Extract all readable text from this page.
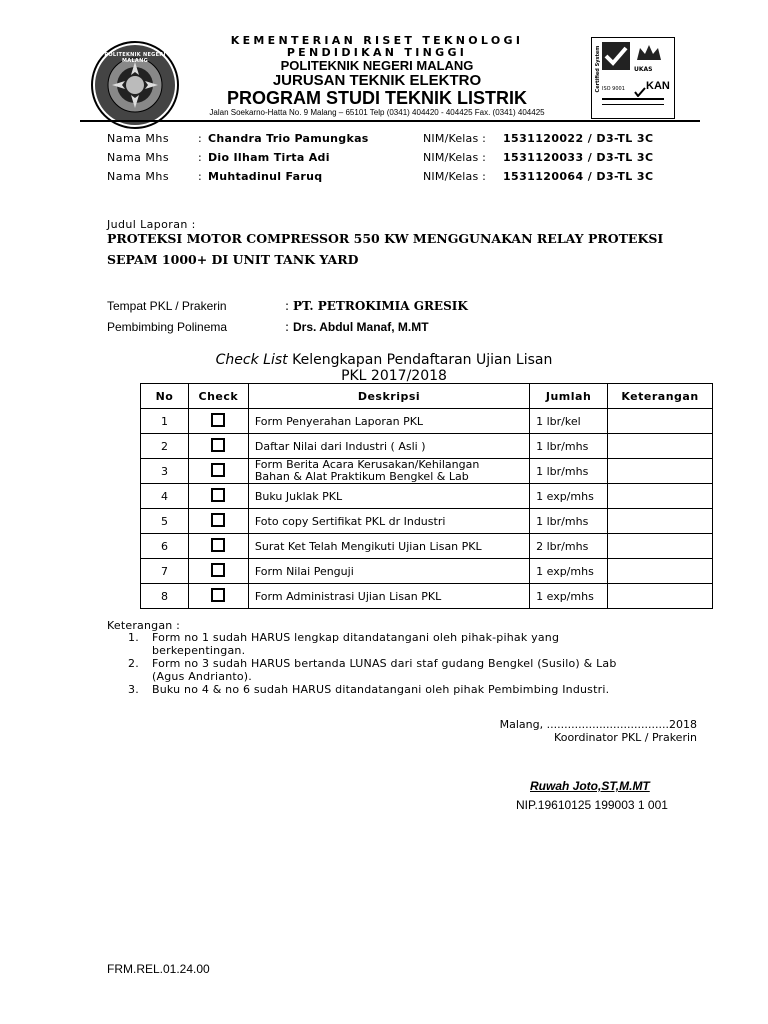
POLITEKNIK NEGERI MALANG
KEMENTERIAN RISET TEKNOLOGI
PENDIDIKAN TINGGI
POLITEKNIK NEGERI MALANG
JURUSAN TEKNIK ELEKTRO
PROGRAM STUDI TEKNIK LISTRIK
Jalan Soekarno-Hatta No. 9 Malang – 65101 Telp (0341) 404420 - 404425 Fax. (0341) 404425
Certified System	UKAS
ISO 9001 KAN
Nama Mhs	: Chandra Trio Pamungkas	NIM/Kelas : 1531120022 / D3-TL 3C
Nama Mhs	: Dio Ilham Tirta Adi	NIM/Kelas : 1531120033 / D3-TL 3C
Nama Mhs	: Muhtadinul Faruq	NIM/Kelas : 1531120064 / D3-TL 3C
Judul Laporan :
PROTEKSI MOTOR COMPRESSOR 550 KW MENGGUNAKAN RELAY PROTEKSI
SEPAM 1000+ DI UNIT TANK YARD
Tempat PKL / Prakerin	: PT. PETROKIMIA GRESIK
Pembimbing Polinema	: Drs. Abdul Manaf, M.MT
Check List Kelengkapan Pendaftaran Ujian Lisan
PKL 2017/2018
No	Check	Deskripsi	Jumlah	Keterangan
1		Form Penyerahan Laporan PKL	1 lbr/kel	
2		Daftar Nilai dari Industri ( Asli )	1 lbr/mhs	
3		Form Berita Acara Kerusakan/Kehilangan
Bahan & Alat Praktikum Bengkel & Lab	1 lbr/mhs	
4		Buku Juklak PKL	1 exp/mhs	
5		Foto copy Sertifikat PKL dr Industri	1 lbr/mhs	
6		Surat Ket Telah Mengikuti Ujian Lisan PKL	2 lbr/mhs	
7		Form Nilai Penguji	1 exp/mhs	
8		Form Administrasi Ujian Lisan PKL	1 exp/mhs	
Keterangan :
1. Form no 1 sudah HARUS lengkap ditandatangani oleh pihak-pihak yang
berkepentingan.
2. Form no 3 sudah HARUS bertanda LUNAS dari staf gudang Bengkel (Susilo) & Lab
(Agus Andrianto).
3. Buku no 4 & no 6 sudah HARUS ditandatangani oleh pihak Pembimbing Industri.
Malang, ...................................2018
Koordinator PKL / Prakerin
Ruwah Joto,ST,M.MT
NIP.19610125 199003 1 001
FRM.REL.01.24.00
